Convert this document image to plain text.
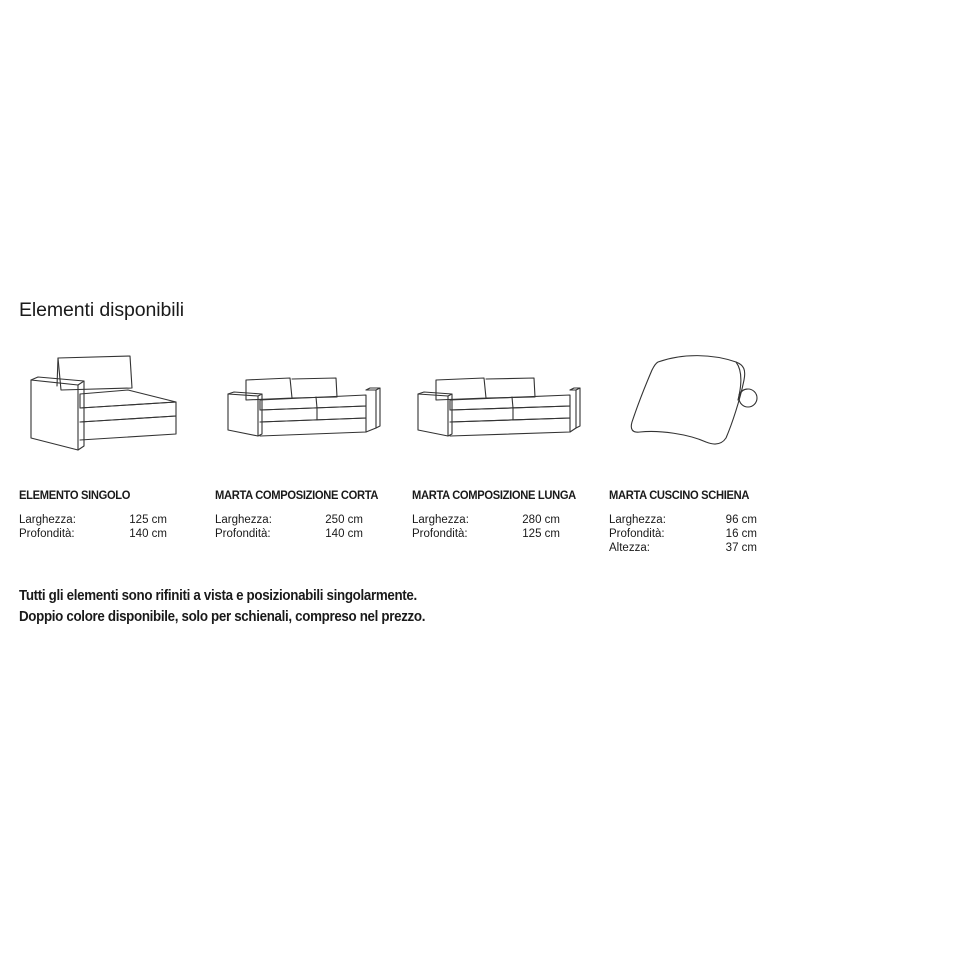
Elementi disponibili
ELEMENTO SINGOLO
Larghezza:	125 cm
Profondità:	140 cm
MARTA COMPOSIZIONE CORTA
Larghezza:	250 cm
Profondità:	140 cm
MARTA COMPOSIZIONE LUNGA
Larghezza:	280 cm
Profondità:	125 cm
MARTA CUSCINO SCHIENA
Larghezza:	96 cm
Profondità:	16 cm
Altezza:	37 cm
Tutti gli elementi sono rifiniti a vista e posizionabili singolarmente.
Doppio colore disponibile, solo per schienali, compreso nel prezzo.
